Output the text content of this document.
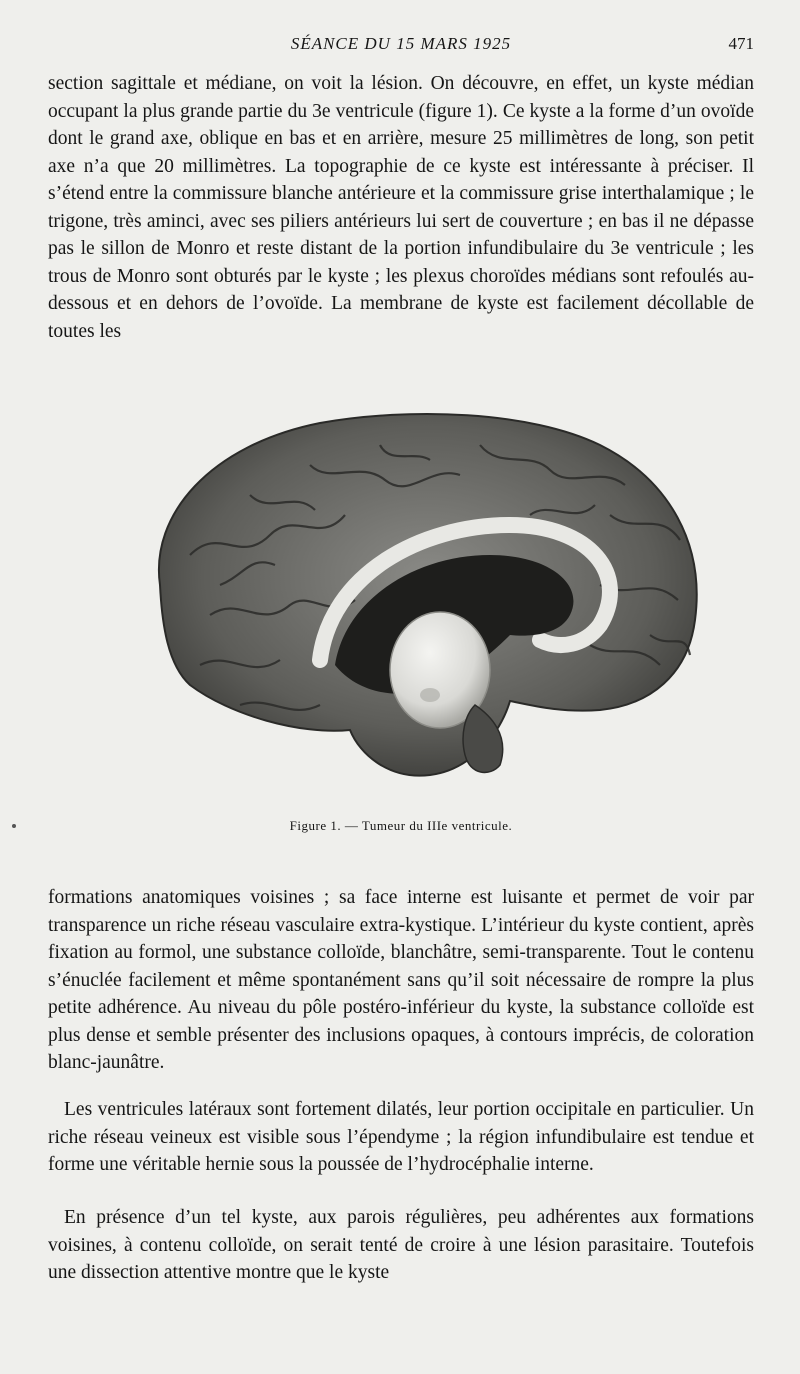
SÉANCE DU 15 MARS 1925	471

section sagittale et médiane, on voit la lésion. On découvre, en effet, un kyste médian occupant la plus grande partie du 3e ventricule (figure 1). Ce kyste a la forme d’un ovoïde dont le grand axe, oblique en bas et en arrière, mesure 25 millimètres de long, son petit axe n’a que 20 millimètres. La topographie de ce kyste est intéressante à préciser. Il s’étend entre la commissure blanche antérieure et la commissure grise interthalamique ; le trigone, très aminci, avec ses piliers antérieurs lui sert de couverture ; en bas il ne dépasse pas le sillon de Monro et reste distant de la portion infundibulaire du 3e ventricule ; les trous de Monro sont obturés par le kyste ; les plexus choroïdes médians sont refoulés au-dessous et en dehors de l’ovoïde. La membrane de kyste est facilement décollable de toutes les

Figure 1. — Tumeur du IIIe ventricule.

formations anatomiques voisines ; sa face interne est luisante et permet de voir par transparence un riche réseau vasculaire extra-kystique. L’intérieur du kyste contient, après fixation au formol, une substance colloïde, blanchâtre, semi-transparente. Tout le contenu s’énuclée facilement et même spontanément sans qu’il soit nécessaire de rompre la plus petite adhérence. Au niveau du pôle postéro-inférieur du kyste, la substance colloïde est plus dense et semble présenter des inclusions opaques, à contours imprécis, de coloration blanc-jaunâtre.

Les ventricules latéraux sont fortement dilatés, leur portion occipitale en particulier. Un riche réseau veineux est visible sous l’épendyme ; la région infundibulaire est tendue et forme une véritable hernie sous la poussée de l’hydrocéphalie interne.

En présence d’un tel kyste, aux parois régulières, peu adhérentes aux formations voisines, à contenu colloïde, on serait tenté de croire à une lésion parasitaire. Toutefois une dissection attentive montre que le kyste
